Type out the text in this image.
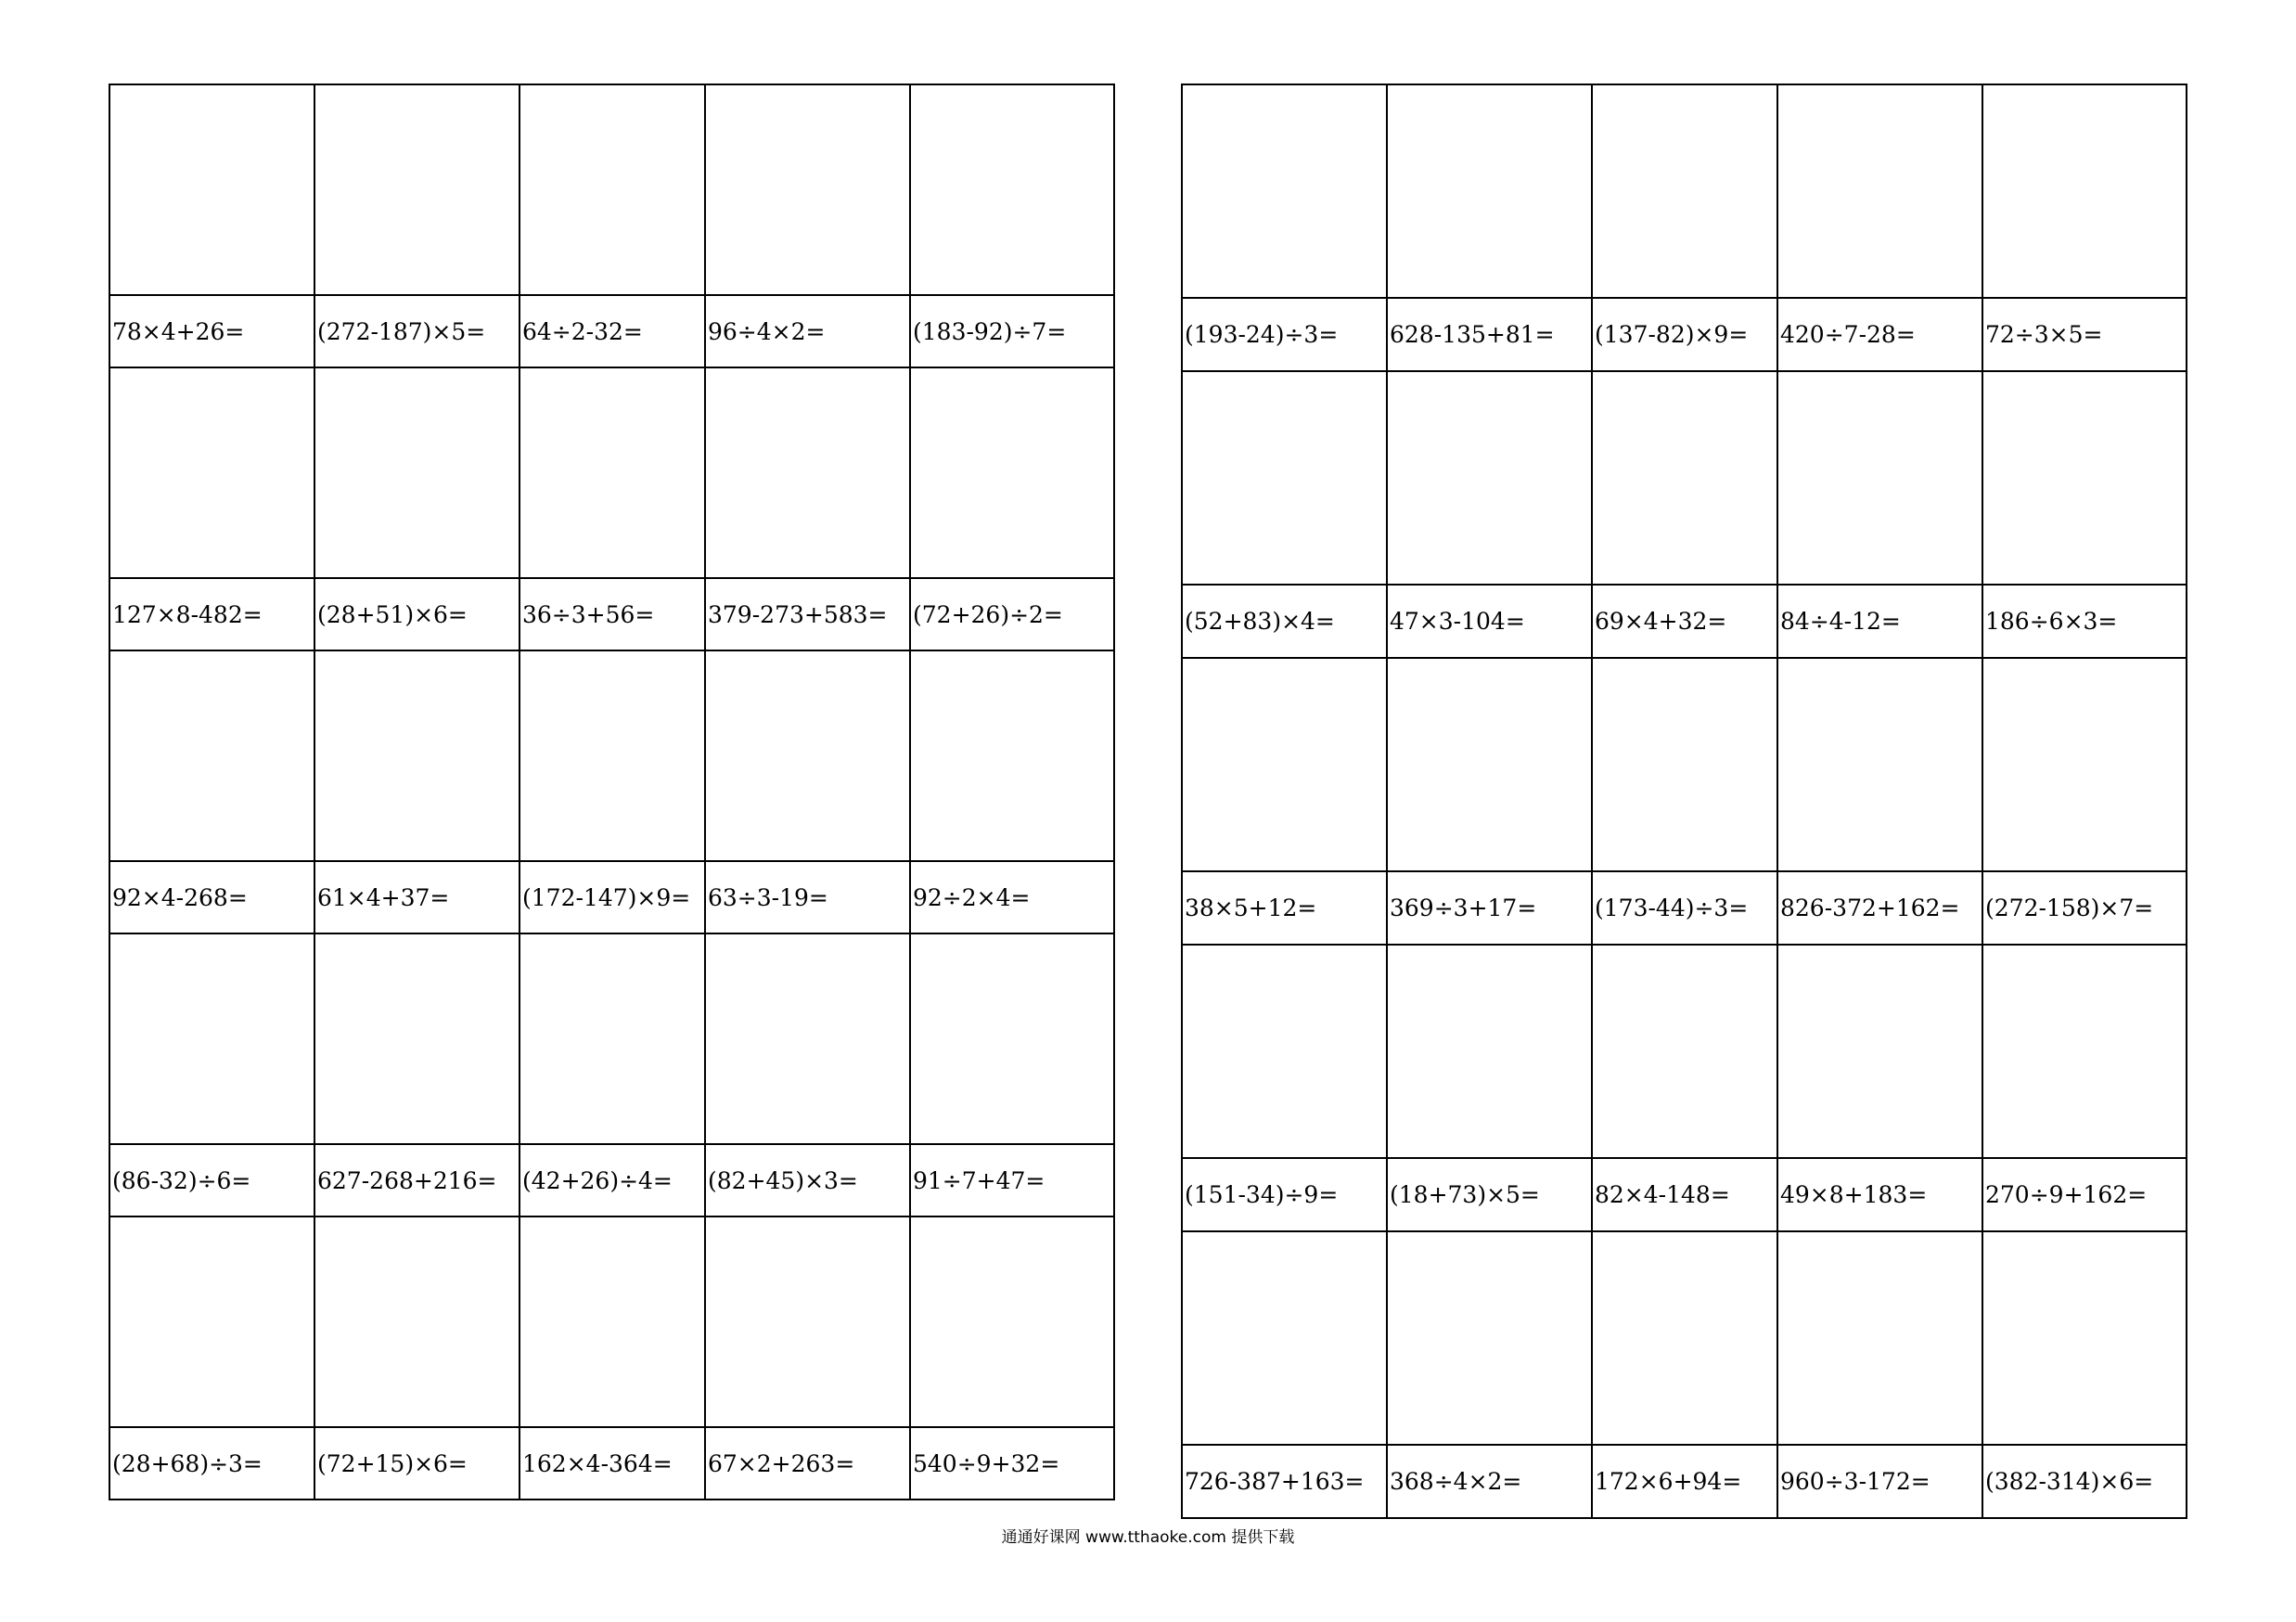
78×4+26=	(272-187)×5=	64÷2-32=	96÷4×2=	(183-92)÷7=

127×8-482=	(28+51)×6=	36÷3+56=	379-273+583=	(72+26)÷2=

92×4-268=	61×4+37=	(172-147)×9=	63÷3-19=	92÷2×4=

(86-32)÷6=	627-268+216=	(42+26)÷4=	(82+45)×3=	91÷7+47=

(28+68)÷3=	(72+15)×6=	162×4-364=	67×2+263=	540÷9+32=

(193-24)÷3=	628-135+81=	(137-82)×9=	420÷7-28=	72÷3×5=

(52+83)×4=	47×3-104=	69×4+32=	84÷4-12=	186÷6×3=

38×5+12=	369÷3+17=	(173-44)÷3=	826-372+162=	(272-158)×7=

(151-34)÷9=	(18+73)×5=	82×4-148=	49×8+183=	270÷9+162=

726-387+163=	368÷4×2=	172×6+94=	960÷3-172=	(382-314)×6=
通通好课网 www.tthaoke.com 提供下载
